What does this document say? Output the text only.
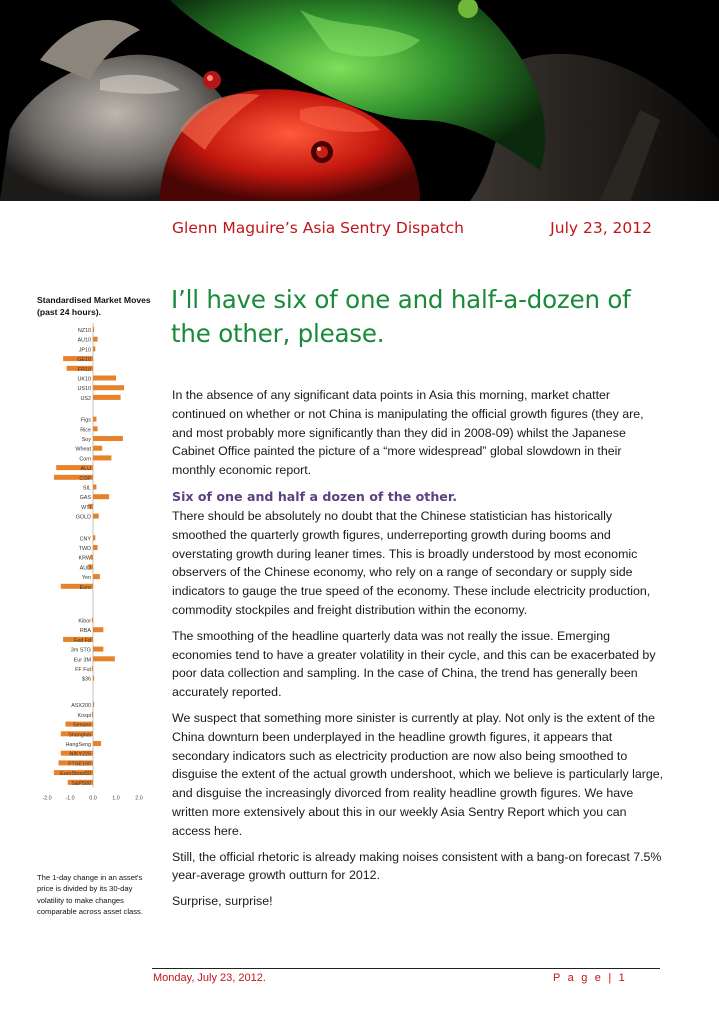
Glenn Maguire’s Asia Sentry Dispatch	July 23, 2012
Standardised Market Moves (past 24 hours).
NZ10
AU10
JP10
GE10
FR10
UK10
US10
US2
Figs
Rice
Soy
Wheat
Corn
ALU
COP
SIL
GAS
WTI
GOLD
CNY
TWD
KRW
AUD
Yen
Euro
Kibor
RBA
Fed Fd
3m STG
Eur 3M
FF Fut
$36
ASX200
Kospi
Sensex
Shanghai
HangSeng
NIKY225
FTSE100
EuroStoxx50
S&P500
-2.0	-1.0	0.0	1.0	2.0
The 1-day change in an asset's price is divided by its 30-day volatility to make changes comparable across asset class.
I’ll have six of one and half-a-dozen of the other, please.

In the absence of any significant data points in Asia this morning, market chatter continued on whether or not China is manipulating the official growth figures (they are, and most probably more significantly than they did in 2008-09) whilst the Japanese Cabinet Office painted the picture of a “more widespread” global slowdown in their monthly economic report.

Six of one and half a dozen of the other.

There should be absolutely no doubt that the Chinese statistician has historically smoothed the quarterly growth figures, underreporting growth during booms and overstating growth during leaner times. This is broadly understood by most economic observers of the Chinese economy, who rely on a range of secondary or supply side indicators to gauge the true speed of the economy. These include electricity production, commodity stockpiles and freight distribution within the economy.

The smoothing of the headline quarterly data was not really the issue. Emerging economies tend to have a greater volatility in their cycle, and this can be exacerbated by poor data collection and sampling. In the case of China, the trend has generally been accurately reported.

We suspect that something more sinister is currently at play. Not only is the extent of the China downturn been underplayed in the headline growth figures, it appears that secondary indicators such as electricity production are now also being smoothed to disguise the extent of the actual growth undershoot, which we believe is particularly large, and disguise the increasingly divorced from reality headline growth figures. We have written more extensively about this in our weekly Asia Sentry Report which you can access here.

Still, the official rhetoric is already making noises consistent with a bang-on forecast 7.5% year-average growth outturn for 2012.

Surprise, surprise!

Monday, July 23, 2012.	P a g e | 1
